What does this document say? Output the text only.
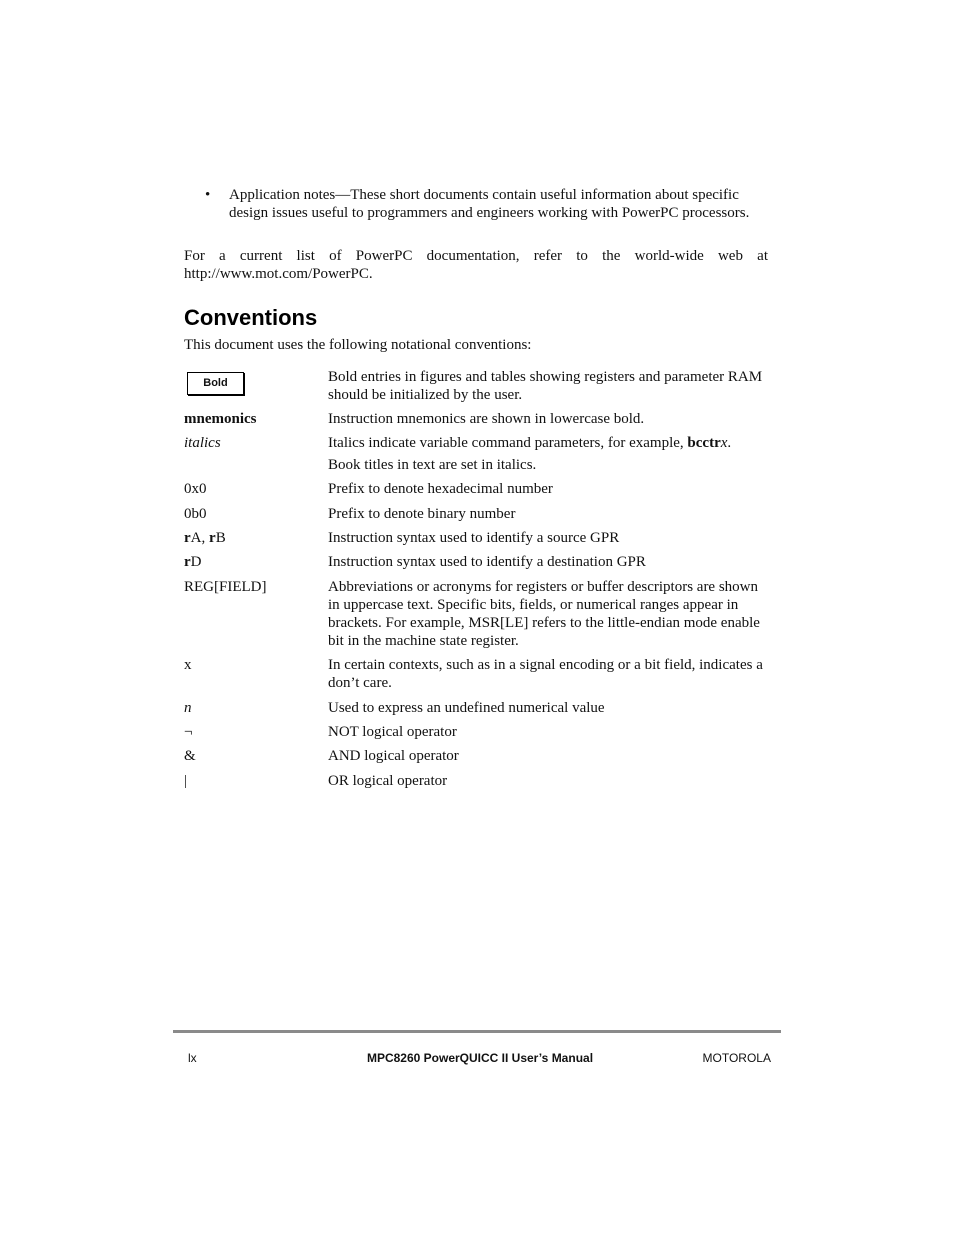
•	Application notes—These short documents contain useful information about specific design issues useful to programmers and engineers working with PowerPC processors.

For a current list of PowerPC documentation, refer to the world-wide web at http://www.mot.com/PowerPC.

Conventions
This document uses the following notational conventions:
Bold	Bold entries in figures and tables showing registers and parameter RAM should be initialized by the user.
mnemonics	Instruction mnemonics are shown in lowercase bold.
italics	Italics indicate variable command parameters, for example, bcctrx.
Book titles in text are set in italics.
0x0	Prefix to denote hexadecimal number
0b0	Prefix to denote binary number
rA, rB	Instruction syntax used to identify a source GPR
rD	Instruction syntax used to identify a destination GPR
REG[FIELD]	Abbreviations or acronyms for registers or buffer descriptors are shown in uppercase text. Specific bits, fields, or numerical ranges appear in brackets. For example, MSR[LE] refers to the little-endian mode enable bit in the machine state register.
x	In certain contexts, such as in a signal encoding or a bit field, indicates a don’t care.
n	Used to express an undefined numerical value
¬	NOT logical operator
&	AND logical operator
|	OR logical operator
lx	MPC8260 PowerQUICC II User’s Manual	MOTOROLA
